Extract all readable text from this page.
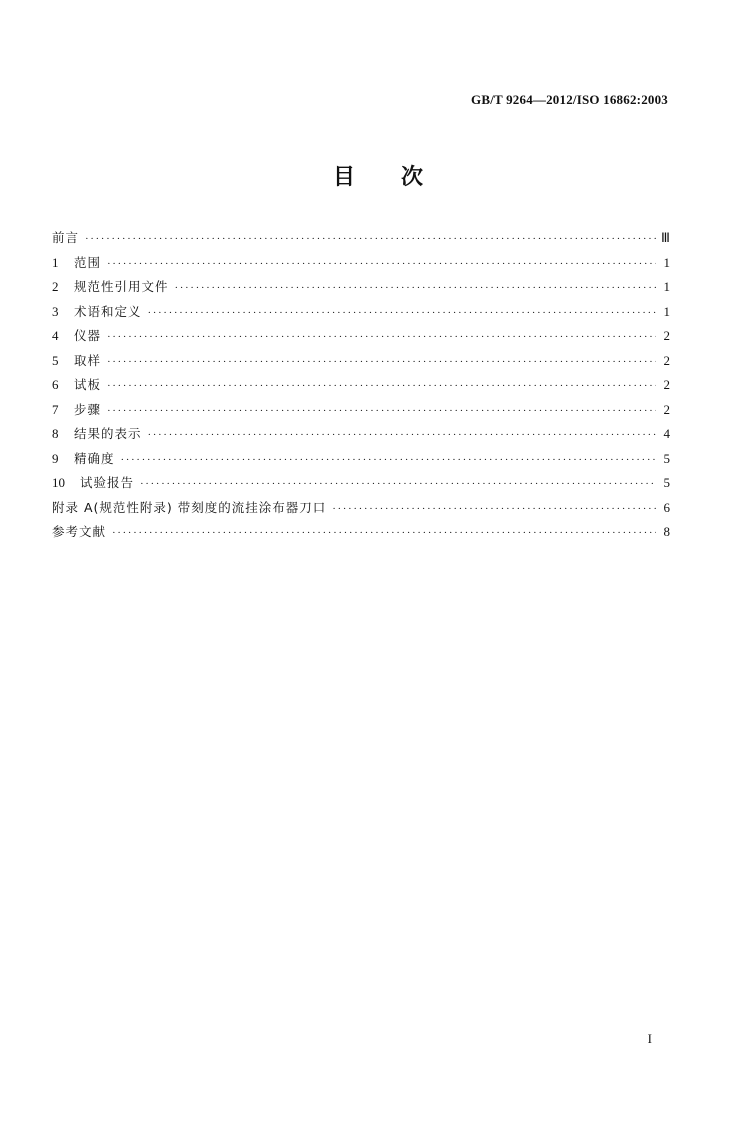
GB/T 9264—2012/ISO 16862:2003
目 次
前言 ·····	Ⅲ
1	范围 ·····	1
2	规范性引用文件 ·····	1
3	术语和定义 ·····	1
4	仪器 ·····	2
5	取样 ·····	2
6	试板 ·····	2
7	步骤 ·····	2
8	结果的表示 ·····	4
9	精确度 ·····	5
10	试验报告 ·····	5
附录 A(规范性附录) 带刻度的流挂涂布器刀口 ·····	6
参考文献 ·····	8
I
